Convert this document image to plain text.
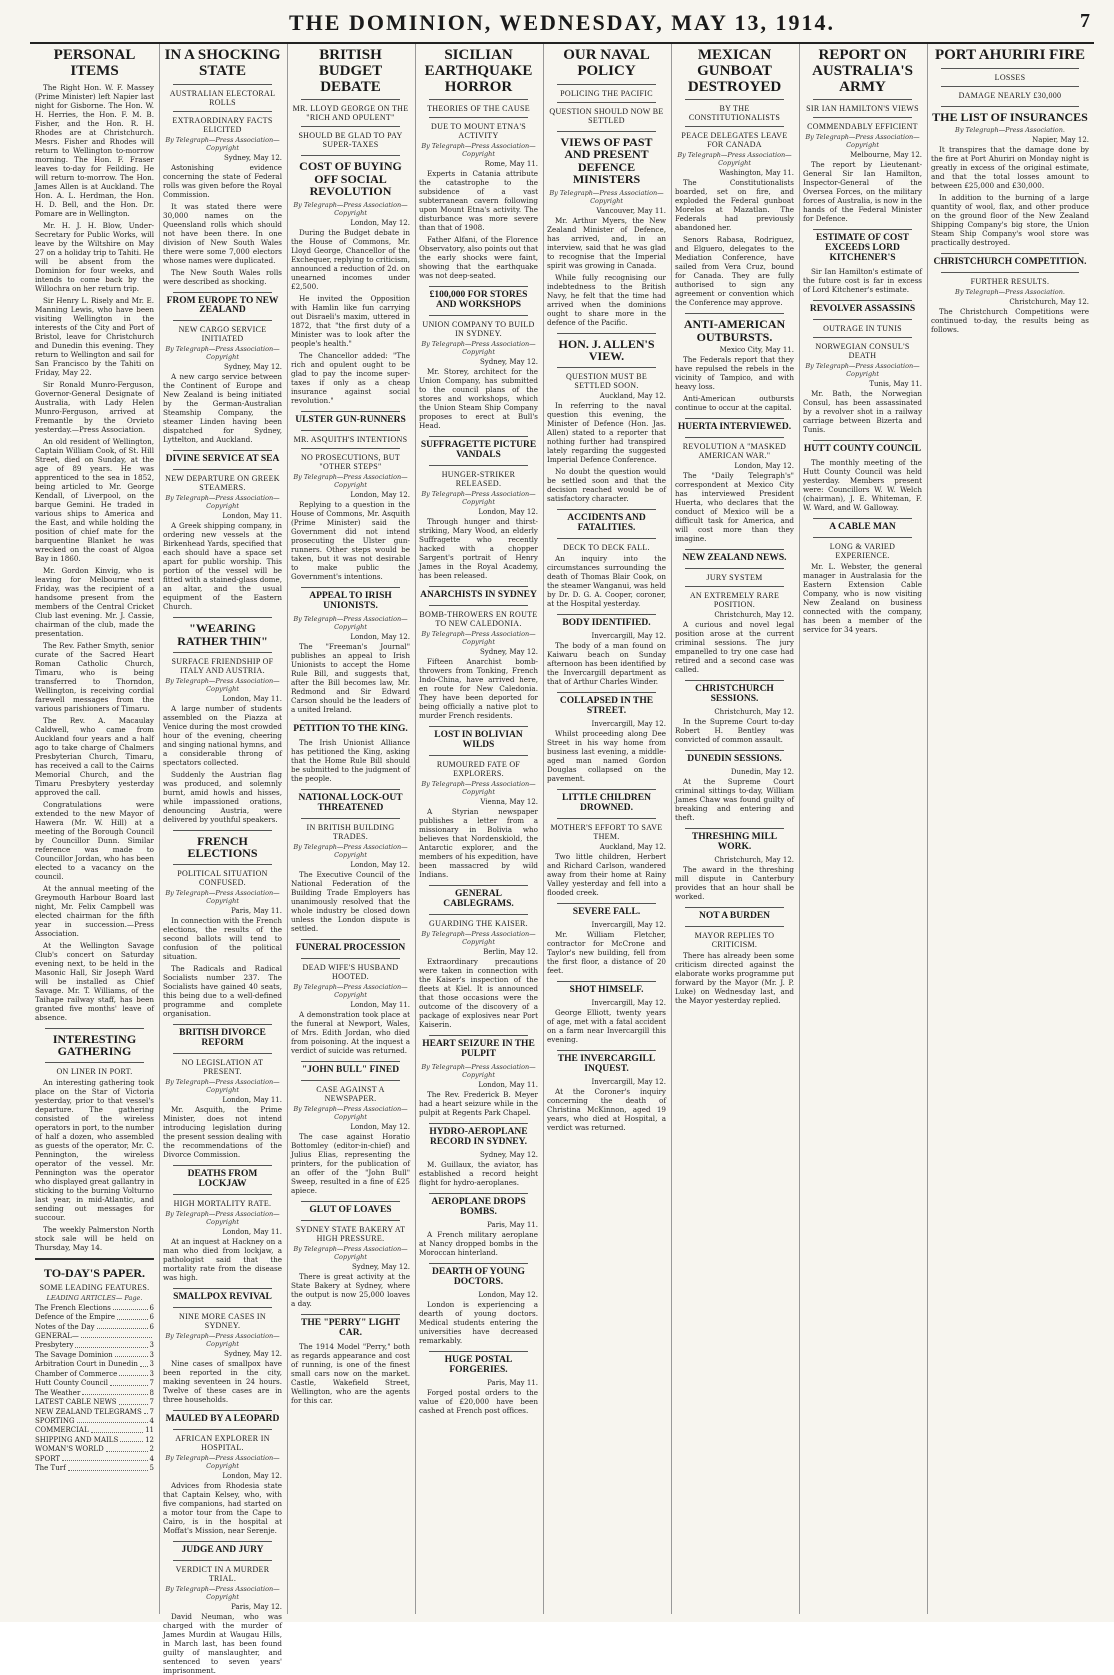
THE DOMINION, WEDNESDAY, MAY 13, 1914.	7
PERSONAL ITEMS

The Right Hon. W. F. Massey (Prime Minister) left Napier last night for Gisborne. The Hon. W. H. Herries, the Hon. F. M. B. Fisher, and the Hon. R. H. Rhodes are at Christchurch. Mesrs. Fisher and Rhodes will return to Wellington to-morrow morning. The Hon. F. Fraser leaves to-day for Feilding. He will return to-morrow. The Hon. James Allen is at Auckland. The Hon. A. L. Herdman, the Hon. H. D. Bell, and the Hon. Dr. Pomare are in Wellington.

Mr. H. J. H. Blow, Under-Secretary for Public Works, will leave by the Wiltshire on May 27 on a holiday trip to Tahiti. He will be absent from the Dominion for four weeks, and intends to come back by the Willochra on her return trip.

Sir Henry L. Risely and Mr. E. Manning Lewis, who have been visiting Wellington in the interests of the City and Port of Bristol, leave for Christchurch and Dunedin this evening. They return to Wellington and sail for San Francisco by the Tahiti on Friday, May 22.

Sir Ronald Munro-Ferguson, Governor-General Designate of Australia, with Lady Helen Munro-Ferguson, arrived at Fremantle by the Orvieto yesterday.—Press Association.

An old resident of Wellington, Captain William Cook, of St. Hill Street, died on Sunday, at the age of 89 years. He was apprenticed to the sea in 1852, being articled to Mr. George Kendall, of Liverpool, on the barque Gemini. He traded in various ships to America and the East, and while holding the position of chief mate for the barquentine Blanket he was wrecked on the coast of Algoa Bay in 1860.

Mr. Gordon Kinvig, who is leaving for Melbourne next Friday, was the recipient of a handsome present from the members of the Central Cricket Club last evening. Mr. J. Cassie, chairman of the club, made the presentation.

The Rev. Father Smyth, senior curate of the Sacred Heart Roman Catholic Church, Timaru, who is being transferred to Thorndon, Wellington, is receiving cordial farewell messages from the various parishioners of Timaru.

The Rev. A. Macaulay Caldwell, who came from Auckland four years and a half ago to take charge of Chalmers Presbyterian Church, Timaru, has received a call to the Cairns Memorial Church, and the Timaru Presbytery yesterday approved the call.

Congratulations were extended to the new Mayor of Hawera (Mr. W. Hill) at a meeting of the Borough Council by Councillor Dunn. Similar reference was made to Councillor Jordan, who has been elected to a vacancy on the council.

At the annual meeting of the Greymouth Harbour Board last night, Mr. Felix Campbell was elected chairman for the fifth year in succession.—Press Association.

At the Wellington Savage Club's concert on Saturday evening next, to be held in the Masonic Hall, Sir Joseph Ward will be installed as Chief Savage. Mr. T. Williams, of the Taihape railway staff, has been granted five months' leave of absence.

INTERESTING GATHERING
ON LINER IN PORT.

An interesting gathering took place on the Star of Victoria yesterday, prior to that vessel's departure. The gathering consisted of the wireless operators in port, to the number of half a dozen, who assembled as guests of the operator, Mr. C. Pennington, the wireless operator of the vessel. Mr. Pennington was the operator who displayed great gallantry in sticking to the burning Volturno last year, in mid-Atlantic, and sending out messages for succour.

The weekly Palmerston North stock sale will be held on Thursday, May 14.

TO-DAY'S PAPER.
SOME LEADING FEATURES.
LEADING ARTICLES— Page.
The French Elections	6
Defence of the Empire	6
Notes of the Day	6
GENERAL—
Presbytery	3
The Savage Dominion	3
Arbitration Court in Dunedin 3
Chamber of Commerce	3
Hutt County Council	7
The Weather	8
LATEST CABLE NEWS	7
NEW ZEALAND TELEGRAMS 7
SPORTING	4
COMMERCIAL	11
SHIPPING AND MAILS	12
WOMAN'S WORLD	2
SPORT	4
The Turf	5
IN A SHOCKING STATE
AUSTRALIAN ELECTORAL ROLLS
EXTRAORDINARY FACTS ELICITED
By Telegraph—Press Association—Copyright
Sydney, May 12.

Astonishing evidence concerning the state of Federal rolls was given before the Royal Commission.

It was stated there were 30,000 names on the Queensland rolls which should not have been there. In one division of New South Wales there were some 7,000 electors whose names were duplicated.

The New South Wales rolls were described as shocking.

FROM EUROPE TO NEW ZEALAND
NEW CARGO SERVICE INITIATED
By Telegraph—Press Association—Copyright
Sydney, May 12.

A new cargo service between the Continent of Europe and New Zealand is being initiated by the German-Australian Steamship Company, the steamer Linden having been dispatched for Sydney, Lyttelton, and Auckland.

DIVINE SERVICE AT SEA
NEW DEPARTURE ON GREEK STEAMERS.
By Telegraph—Press Association—Copyright
London, May 11.

A Greek shipping company, in ordering new vessels at the Birkenhead Yards, specified that each should have a space set apart for public worship. This portion of the vessel will be fitted with a stained-glass dome, an altar, and the usual equipment of the Eastern Church.

"WEARING RATHER THIN"
SURFACE FRIENDSHIP OF ITALY AND AUSTRIA.
By Telegraph—Press Association—Copyright
London, May 11.

A large number of students assembled on the Piazza at Venice during the most crowded hour of the evening, cheering and singing national hymns, and a considerable throng of spectators collected.

Suddenly the Austrian flag was produced, and solemnly burnt, amid howls and hisses, while impassioned orations, denouncing Austria, were delivered by youthful speakers.

FRENCH ELECTIONS
POLITICAL SITUATION CONFUSED.
By Telegraph—Press Association—Copyright
Paris, May 11.

In connection with the French elections, the results of the second ballots will tend to confusion of the political situation.

The Radicals and Radical Socialists number 237. The Socialists have gained 40 seats, this being due to a well-defined programme and complete organisation.

BRITISH DIVORCE REFORM
NO LEGISLATION AT PRESENT.
By Telegraph—Press Association—Copyright
London, May 11.

Mr. Asquith, the Prime Minister, does not intend introducing legislation during the present session dealing with the recommendations of the Divorce Commission.

DEATHS FROM LOCKJAW
HIGH MORTALITY RATE.
By Telegraph—Press Association—Copyright
London, May 11.

At an inquest at Hackney on a man who died from lockjaw, a pathologist said that the mortality rate from the disease was high.

SMALLPOX REVIVAL
NINE MORE CASES IN SYDNEY.
By Telegraph—Press Association—Copyright
Sydney, May 12.

Nine cases of smallpox have been reported in the city, making seventeen in 24 hours. Twelve of these cases are in three households.

MAULED BY A LEOPARD
AFRICAN EXPLORER IN HOSPITAL.
By Telegraph—Press Association—Copyright
London, May 12.

Advices from Rhodesia state that Captain Kelsey, who, with five companions, had started on a motor tour from the Cape to Cairo, is in the hospital at Moffat's Mission, near Serenje.

JUDGE AND JURY
VERDICT IN A MURDER TRIAL.
By Telegraph—Press Association—Copyright
Paris, May 12.

David Neuman, who was charged with the murder of James Murdin at Waugau Hills, in March last, has been found guilty of manslaughter, and sentenced to seven years' imprisonment.

BRITISH BUDGET DEBATE
MR. LLOYD GEORGE ON THE "RICH AND OPULENT"
SHOULD BE GLAD TO PAY SUPER-TAXES
COST OF BUYING OFF SOCIAL REVOLUTION
By Telegraph—Press Association—Copyright
London, May 12.

During the Budget debate in the House of Commons, Mr. Lloyd George, Chancellor of the Exchequer, replying to criticism, announced a reduction of 2d. on unearned incomes under £2,500.

He invited the Opposition with Hamlin like fun carrying out Disraeli's maxim, uttered in 1872, that "the first duty of a Minister was to look after the people's health."

The Chancellor added: "The rich and opulent ought to be glad to pay the income super-taxes if only as a cheap insurance against social revolution."

ULSTER GUN-RUNNERS
MR. ASQUITH'S INTENTIONS
NO PROSECUTIONS, BUT "OTHER STEPS"
By Telegraph—Press Association—Copyright
London, May 12.

Replying to a question in the House of Commons, Mr. Asquith (Prime Minister) said the Government did not intend prosecuting the Ulster gun-runners. Other steps would be taken, but it was not desirable to make public the Government's intentions.

APPEAL TO IRISH UNIONISTS.
By Telegraph—Press Association—Copyright
London, May 12.

The "Freeman's Journal" publishes an appeal to Irish Unionists to accept the Home Rule Bill, and suggests that, after the Bill becomes law, Mr. Redmond and Sir Edward Carson should be the leaders of a united Ireland.

PETITION TO THE KING.

The Irish Unionist Alliance has petitioned the King, asking that the Home Rule Bill should be submitted to the judgment of the people.

NATIONAL LOCK-OUT THREATENED
IN BRITISH BUILDING TRADES.
By Telegraph—Press Association—Copyright
London, May 12.

The Executive Council of the National Federation of the Building Trade Employers has unanimously resolved that the whole industry be closed down unless the London dispute is settled.

FUNERAL PROCESSION
DEAD WIFE'S HUSBAND HOOTED.
By Telegraph—Press Association—Copyright
London, May 11.

A demonstration took place at the funeral at Newport, Wales, of Mrs. Edith Jordan, who died from poisoning. At the inquest a verdict of suicide was returned.

"JOHN BULL" FINED
CASE AGAINST A NEWSPAPER.
By Telegraph—Press Association—Copyright
London, May 12.

The case against Horatio Bottomley (editor-in-chief) and Julius Elias, representing the printers, for the publication of an offer of the "John Bull" Sweep, resulted in a fine of £25 apiece.

GLUT OF LOAVES
SYDNEY STATE BAKERY AT HIGH PRESSURE.
By Telegraph—Press Association—Copyright
Sydney, May 12.

There is great activity at the State Bakery at Sydney, where the output is now 25,000 loaves a day.

THE "PERRY" LIGHT CAR.

The 1914 Model "Perry," both as regards appearance and cost of running, is one of the finest small cars now on the market. Castle, Wakefield Street, Wellington, who are the agents for this car.

SICILIAN EARTHQUAKE HORROR
THEORIES OF THE CAUSE
DUE TO MOUNT ETNA'S ACTIVITY
By Telegraph—Press Association—Copyright
Rome, May 11.

Experts in Catania attribute the catastrophe to the subsidence of a vast subterranean cavern following upon Mount Etna's activity. The disturbance was more severe than that of 1908.

Father Alfani, of the Florence Observatory, also points out that the early shocks were faint, showing that the earthquake was not deep-seated.

£100,000 FOR STORES AND WORKSHOPS
UNION COMPANY TO BUILD IN SYDNEY.
By Telegraph—Press Association—Copyright
Sydney, May 12.

Mr. Storey, architect for the Union Company, has submitted to the council plans of the stores and workshops, which the Union Steam Ship Company proposes to erect at Bull's Head.

SUFFRAGETTE PICTURE VANDALS
HUNGER-STRIKER RELEASED.
By Telegraph—Press Association—Copyright
London, May 12.

Through hunger and thirst-striking, Mary Wood, an elderly Suffragette who recently hacked with a chopper Sargent's portrait of Henry James in the Royal Academy, has been released.

ANARCHISTS IN SYDNEY
BOMB-THROWERS EN ROUTE TO NEW CALEDONIA.
By Telegraph—Press Association—Copyright
Sydney, May 12.

Fifteen Anarchist bomb-throwers from Tonking, French Indo-China, have arrived here, en route for New Caledonia. They have been deported for being officially a native plot to murder French residents.

LOST IN BOLIVIAN WILDS
RUMOURED FATE OF EXPLORERS.
By Telegraph—Press Association—Copyright
Vienna, May 12.

A Styrian newspaper publishes a letter from a missionary in Bolivia who believes that Nordenskiold, the Antarctic explorer, and the members of his expedition, have been massacred by wild Indians.

GENERAL CABLEGRAMS.
GUARDING THE KAISER.
By Telegraph—Press Association—Copyright
Berlin, May 12.

Extraordinary precautions were taken in connection with the Kaiser's inspection of the fleets at Kiel. It is announced that those occasions were the outcome of the discovery of a package of explosives near Port Kaiserin.

HEART SEIZURE IN THE PULPIT
By Telegraph—Press Association—Copyright
London, May 11.

The Rev. Frederick B. Meyer had a heart seizure while in the pulpit at Regents Park Chapel.

HYDRO-AEROPLANE RECORD IN SYDNEY.
Sydney, May 12.

M. Guillaux, the aviator, has established a record height flight for hydro-aeroplanes.

AEROPLANE DROPS BOMBS.
Paris, May 11.

A French military aeroplane at Nancy dropped bombs in the Moroccan hinterland.

DEARTH OF YOUNG DOCTORS.
London, May 12.

London is experiencing a dearth of young doctors. Medical students entering the universities have decreased remarkably.

HUGE POSTAL FORGERIES.
Paris, May 11.

Forged postal orders to the value of £20,000 have been cashed at French post offices.

OUR NAVAL POLICY
POLICING THE PACIFIC
QUESTION SHOULD NOW BE SETTLED
VIEWS OF PAST AND PRESENT DEFENCE MINISTERS
By Telegraph—Press Association—Copyright
Vancouver, May 11.

Mr. Arthur Myers, the New Zealand Minister of Defence, has arrived, and, in an interview, said that he was glad to recognise that the Imperial spirit was growing in Canada.

While fully recognising our indebtedness to the British Navy, he felt that the time had arrived when the dominions ought to share more in the defence of the Pacific.

HON. J. ALLEN'S VIEW.
QUESTION MUST BE SETTLED SOON.
Auckland, May 12.

In referring to the naval question this evening, the Minister of Defence (Hon. Jas. Allen) stated to a reporter that nothing further had transpired lately regarding the suggested Imperial Defence Conference.

No doubt the question would be settled soon and that the decision reached would be of satisfactory character.

ACCIDENTS AND FATALITIES.
DECK TO DECK FALL.

An inquiry into the circumstances surrounding the death of Thomas Blair Cook, on the steamer Wanganui, was held by Dr. D. G. A. Cooper, coroner, at the Hospital yesterday.

BODY IDENTIFIED.
Invercargill, May 12.

The body of a man found on Kaiwaru beach on Sunday afternoon has been identified by the Invercargill department as that of Arthur Charles Winder.

COLLAPSED IN THE STREET.
Invercargill, May 12.

Whilst proceeding along Dee Street in his way home from business last evening, a middle-aged man named Gordon Douglas collapsed on the pavement.

LITTLE CHILDREN DROWNED.
MOTHER'S EFFORT TO SAVE THEM.
Auckland, May 12.

Two little children, Herbert and Richard Carlson, wandered away from their home at Rainy Valley yesterday and fell into a flooded creek.

SEVERE FALL.
Invercargill, May 12.

Mr. William Fletcher, contractor for McCrone and Taylor's new building, fell from the first floor, a distance of 20 feet.

SHOT HIMSELF.
Invercargill, May 12.

George Elliott, twenty years of age, met with a fatal accident on a farm near Invercargill this evening.

THE INVERCARGILL INQUEST.
Invercargill, May 12.

At the Coroner's inquiry concerning the death of Christina McKinnon, aged 19 years, who died at Hospital, a verdict was returned.

MEXICAN GUNBOAT DESTROYED
BY THE CONSTITUTIONALISTS
PEACE DELEGATES LEAVE FOR CANADA
By Telegraph—Press Association—Copyright
Washington, May 11.

The Constitutionalists boarded, set on fire, and exploded the Federal gunboat Morelos at Mazatlan. The Federals had previously abandoned her.

Senors Rabasa, Rodriguez, and Elguero, delegates to the Mediation Conference, have sailed from Vera Cruz, bound for Canada. They are fully authorised to sign any agreement or convention which the Conference may approve.

ANTI-AMERICAN OUTBURSTS.
Mexico City, May 11.

The Federals report that they have repulsed the rebels in the vicinity of Tampico, and with heavy loss.

Anti-American outbursts continue to occur at the capital.

HUERTA INTERVIEWED.
REVOLUTION A "MASKED AMERICAN WAR."
London, May 12.

The "Daily Telegraph's" correspondent at Mexico City has interviewed President Huerta, who declares that the conduct of Mexico will be a difficult task for America, and will cost more than they imagine.

NEW ZEALAND NEWS.
JURY SYSTEM
AN EXTREMELY RARE POSITION.
Christchurch, May 12.

A curious and novel legal position arose at the current criminal sessions. The jury empanelled to try one case had retired and a second case was called.

CHRISTCHURCH SESSIONS.
Christchurch, May 12.

In the Supreme Court to-day Robert H. Bentley was convicted of common assault.

DUNEDIN SESSIONS.
Dunedin, May 12.

At the Supreme Court criminal sittings to-day, William James Chaw was found guilty of breaking and entering and theft.

THRESHING MILL WORK.
Christchurch, May 12.

The award in the threshing mill dispute in Canterbury provides that an hour shall be worked.

NOT A BURDEN
MAYOR REPLIES TO CRITICISM.

There has already been some criticism directed against the elaborate works programme put forward by the Mayor (Mr. J. P. Luke) on Wednesday last, and the Mayor yesterday replied.

REPORT ON AUSTRALIA'S ARMY
SIR IAN HAMILTON'S VIEWS
COMMENDABLY EFFICIENT
By Telegraph—Press Association—Copyright
Melbourne, May 12.

The report by Lieutenant-General Sir Ian Hamilton, Inspector-General of the Oversea Forces, on the military forces of Australia, is now in the hands of the Federal Minister for Defence.

ESTIMATE OF COST EXCEEDS LORD KITCHENER'S

Sir Ian Hamilton's estimate of the future cost is far in excess of Lord Kitchener's estimate.

REVOLVER ASSASSINS
OUTRAGE IN TUNIS
NORWEGIAN CONSUL'S DEATH
By Telegraph—Press Association—Copyright
Tunis, May 11.

Mr. Bath, the Norwegian Consul, has been assassinated by a revolver shot in a railway carriage between Bizerta and Tunis.

HUTT COUNTY COUNCIL

The monthly meeting of the Hutt County Council was held yesterday. Members present were: Councillors W. W. Welch (chairman), J. E. Whiteman, F. W. Ward, and W. Galloway.

A CABLE MAN
LONG & VARIED EXPERIENCE.

Mr. L. Webster, the general manager in Australasia for the Eastern Extension Cable Company, who is now visiting New Zealand on business connected with the company, has been a member of the service for 34 years.

PORT AHURIRI FIRE
LOSSES
DAMAGE NEARLY £30,000
THE LIST OF INSURANCES
By Telegraph—Press Association.
Napier, May 12.

It transpires that the damage done by the fire at Port Ahuriri on Monday night is greatly in excess of the original estimate, and that the total losses amount to between £25,000 and £30,000.

In addition to the burning of a large quantity of wool, flax, and other produce on the ground floor of the New Zealand Shipping Company's big store, the Union Steam Ship Company's wool store was practically destroyed.

CHRISTCHURCH COMPETITION.
FURTHER RESULTS.
By Telegraph—Press Association.
Christchurch, May 12.

The Christchurch Competitions were continued to-day, the results being as follows.
